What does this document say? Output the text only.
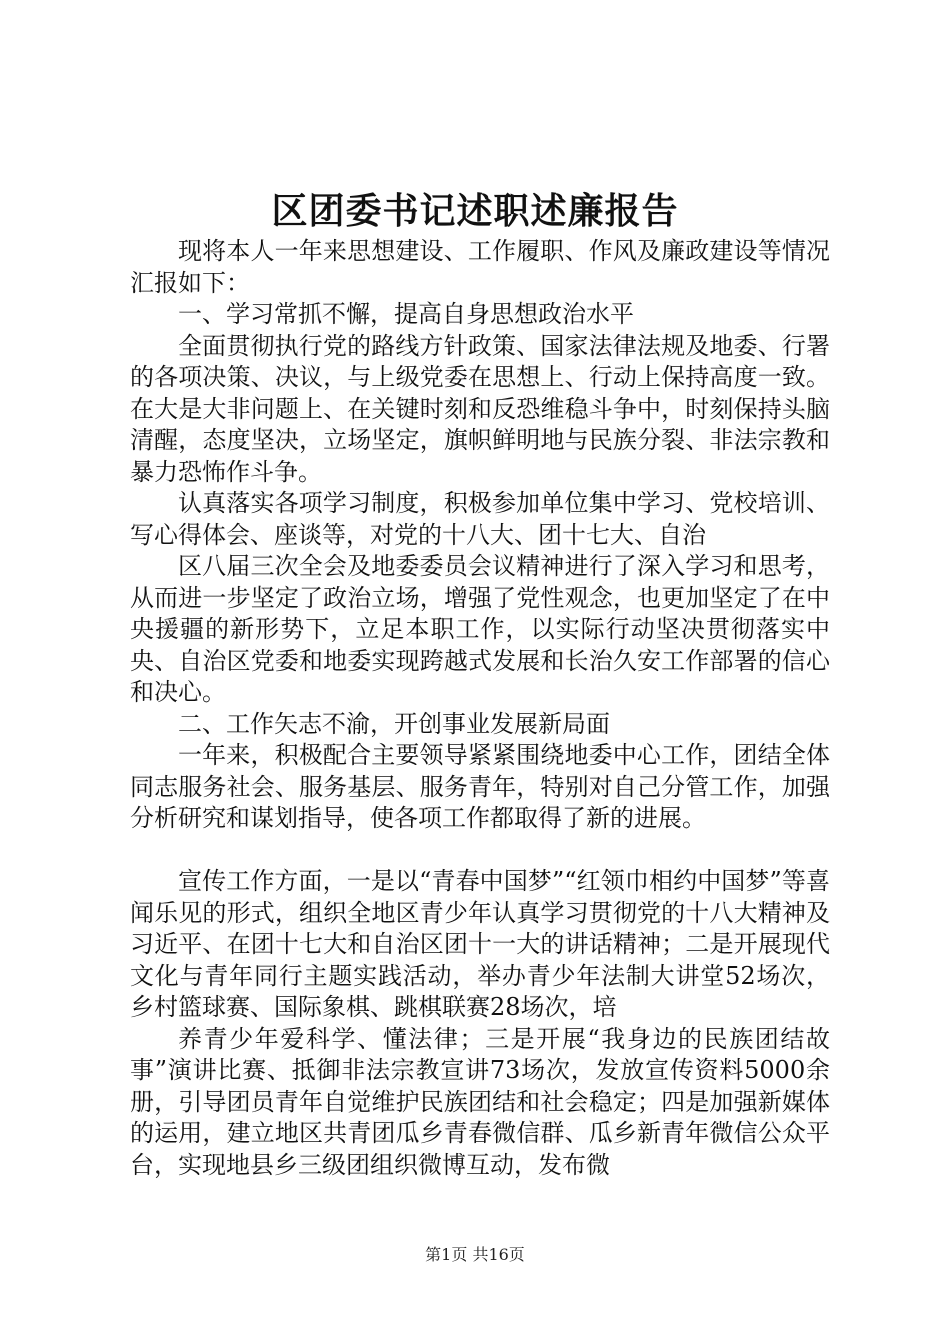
区团委书记述职述廉报告

现将本人一年来思想建设、工作履职、作风及廉政建设等情况汇报如下：

一、学习常抓不懈，提高自身思想政治水平

全面贯彻执行党的路线方针政策、国家法律法规及地委、行署的各项决策、决议，与上级党委在思想上、行动上保持高度一致。在大是大非问题上、在关键时刻和反恐维稳斗争中，时刻保持头脑清醒，态度坚决，立场坚定，旗帜鲜明地与民族分裂、非法宗教和暴力恐怖作斗争。

认真落实各项学习制度，积极参加单位集中学习、党校培训、写心得体会、座谈等，对党的十八大、团十七大、自治

区八届三次全会及地委委员会议精神进行了深入学习和思考，从而进一步坚定了政治立场，增强了党性观念，也更加坚定了在中央援疆的新形势下，立足本职工作，以实际行动坚决贯彻落实中央、自治区党委和地委实现跨越式发展和长治久安工作部署的信心和决心。

二、工作矢志不渝，开创事业发展新局面

一年来，积极配合主要领导紧紧围绕地委中心工作，团结全体同志服务社会、服务基层、服务青年，特别对自己分管工作，加强分析研究和谋划指导，使各项工作都取得了新的进展。

宣传工作方面，一是以“青春中国梦”“红领巾相约中国梦”等喜闻乐见的形式，组织全地区青少年认真学习贯彻党的十八大精神及习近平、在团十七大和自治区团十一大的讲话精神；二是开展现代文化与青年同行主题实践活动，举办青少年法制大讲堂52场次，乡村篮球赛、国际象棋、跳棋联赛28场次，培

养青少年爱科学、懂法律；三是开展“我身边的民族团结故事”演讲比赛、抵御非法宗教宣讲73场次，发放宣传资料5000余册，引导团员青年自觉维护民族团结和社会稳定；四是加强新媒体的运用，建立地区共青团瓜乡青春微信群、瓜乡新青年微信公众平台，实现地县乡三级团组织微博互动，发布微

第1页 共16页
